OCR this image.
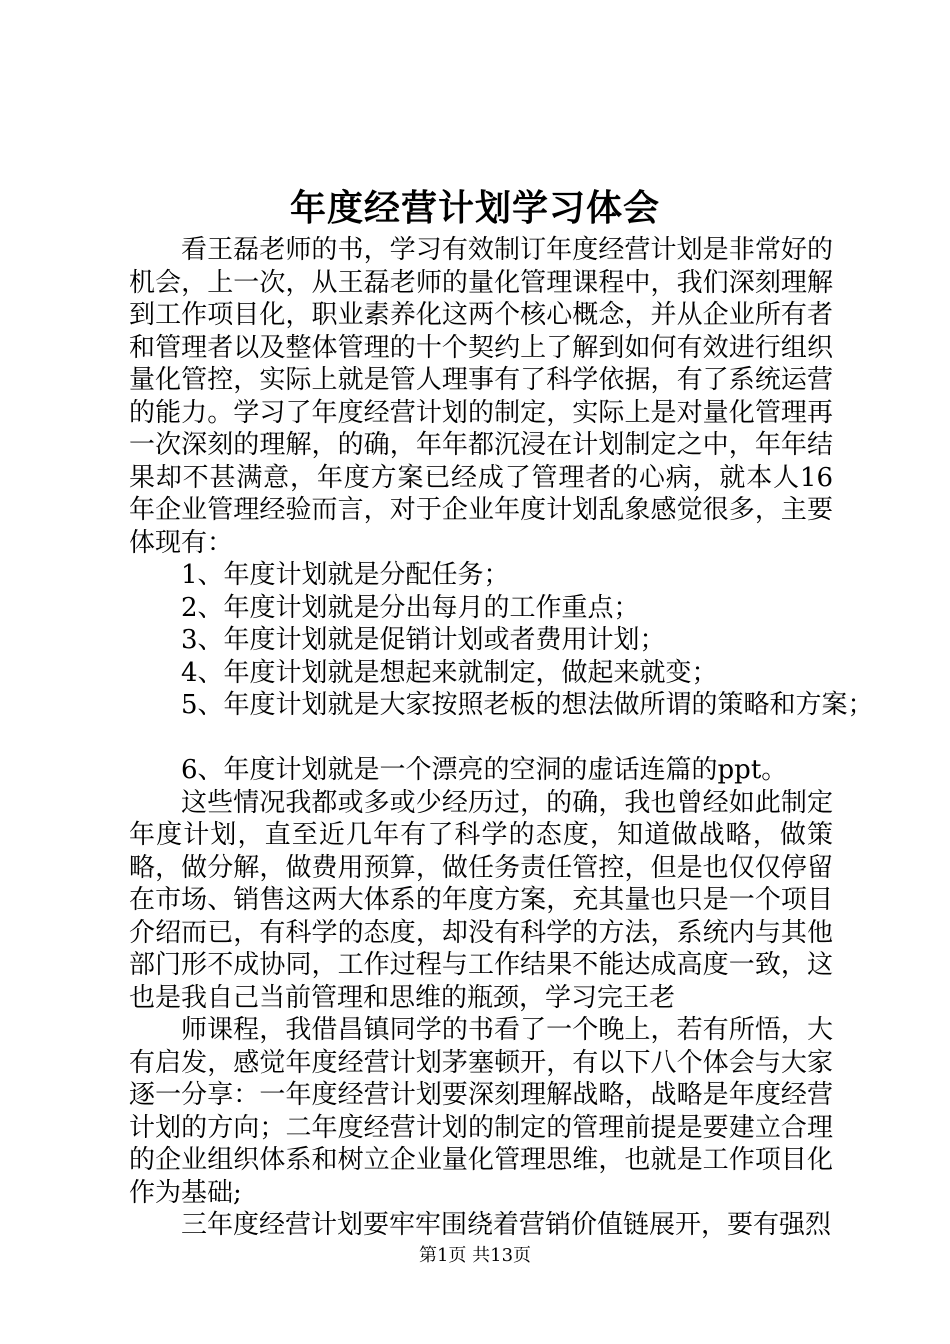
年度经营计划学习体会

看王磊老师的书，学习有效制订年度经营计划是非常好的机会，上一次，从王磊老师的量化管理课程中，我们深刻理解到工作项目化，职业素养化这两个核心概念，并从企业所有者和管理者以及整体管理的十个契约上了解到如何有效进行组织量化管控，实际上就是管人理事有了科学依据，有了系统运营的能力。学习了年度经营计划的制定，实际上是对量化管理再一次深刻的理解，的确，年年都沉浸在计划制定之中，年年结果却不甚满意，年度方案已经成了管理者的心病，就本人16年企业管理经验而言，对于企业年度计划乱象感觉很多，主要体现有：

1、年度计划就是分配任务；

2、年度计划就是分出每月的工作重点；

3、年度计划就是促销计划或者费用计划；

4、年度计划就是想起来就制定，做起来就变；

5、年度计划就是大家按照老板的想法做所谓的策略和方案；

6、年度计划就是一个漂亮的空洞的虚话连篇的ppt。

这些情况我都或多或少经历过，的确，我也曾经如此制定年度计划，直至近几年有了科学的态度，知道做战略，做策略，做分解，做费用预算，做任务责任管控，但是也仅仅停留在市场、销售这两大体系的年度方案，充其量也只是一个项目介绍而已，有科学的态度，却没有科学的方法，系统内与其他部门形不成协同，工作过程与工作结果不能达成高度一致，这也是我自己当前管理和思维的瓶颈，学习完王老

师课程，我借昌镇同学的书看了一个晚上，若有所悟，大有启发，感觉年度经营计划茅塞顿开，有以下八个体会与大家逐一分享：一年度经营计划要深刻理解战略，战略是年度经营计划的方向；二年度经营计划的制定的管理前提是要建立合理的企业组织体系和树立企业量化管理思维，也就是工作项目化作为基础;

三年度经营计划要牢牢围绕着营销价值链展开，要有强烈

第1页 共13页
